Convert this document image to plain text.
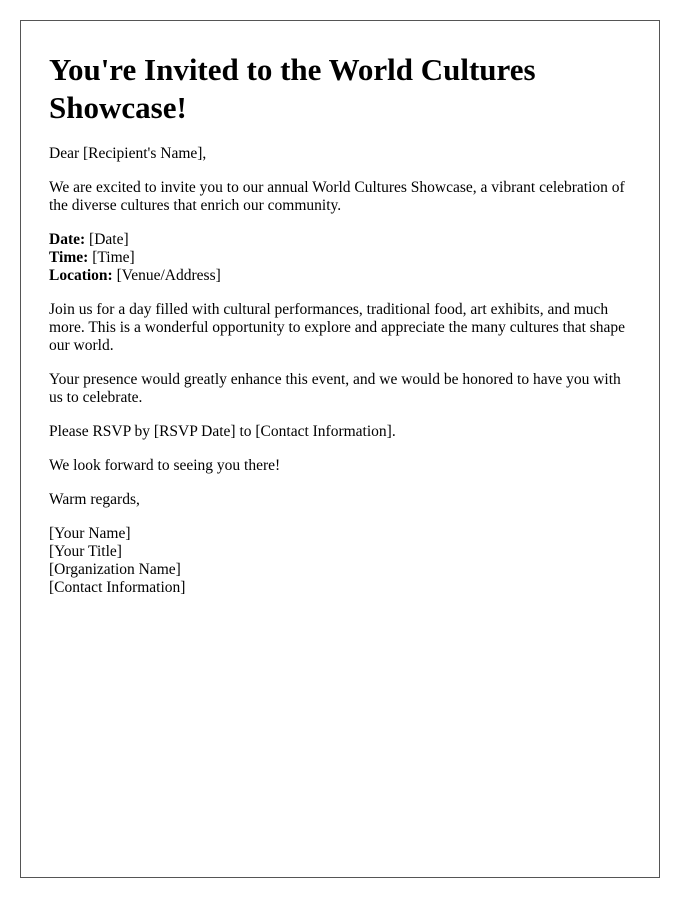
You're Invited to the World Cultures Showcase!

Dear [Recipient's Name],

We are excited to invite you to our annual World Cultures Showcase, a vibrant celebration of the diverse cultures that enrich our community.

Date: [Date]
Time: [Time]
Location: [Venue/Address]

Join us for a day filled with cultural performances, traditional food, art exhibits, and much more. This is a wonderful opportunity to explore and appreciate the many cultures that shape our world.

Your presence would greatly enhance this event, and we would be honored to have you with us to celebrate.

Please RSVP by [RSVP Date] to [Contact Information].

We look forward to seeing you there!

Warm regards,

[Your Name]
[Your Title]
[Organization Name]
[Contact Information]
